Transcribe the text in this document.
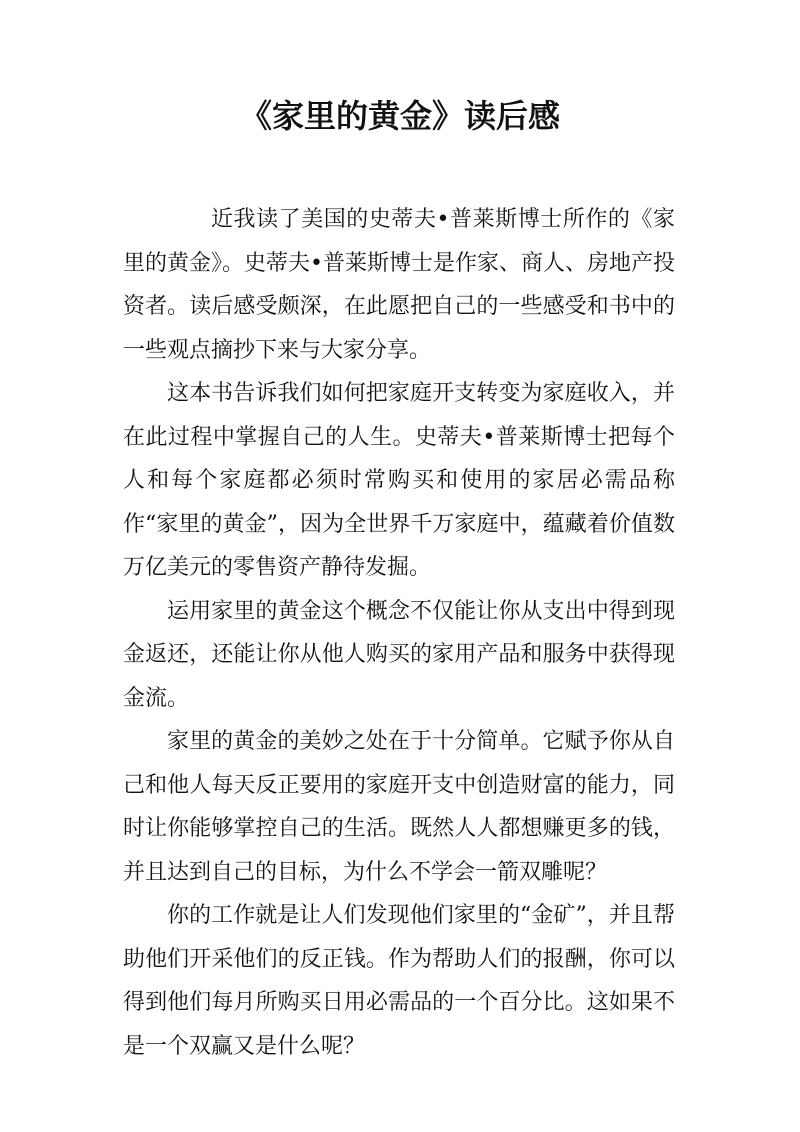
《家里的黄金》读后感

近我读了美国的史蒂夫•普莱斯博士所作的《家里的黄金》。史蒂夫•普莱斯博士是作家、商人、房地产投资者。读后感受颇深，在此愿把自己的一些感受和书中的一些观点摘抄下来与大家分享。

这本书告诉我们如何把家庭开支转变为家庭收入，并在此过程中掌握自己的人生。史蒂夫•普莱斯博士把每个人和每个家庭都必须时常购买和使用的家居必需品称作“家里的黄金”，因为全世界千万家庭中，蕴藏着价值数万亿美元的零售资产静待发掘。

运用家里的黄金这个概念不仅能让你从支出中得到现金返还，还能让你从他人购买的家用产品和服务中获得现金流。

家里的黄金的美妙之处在于十分简单。它赋予你从自己和他人每天反正要用的家庭开支中创造财富的能力，同时让你能够掌控自己的生活。既然人人都想赚更多的钱，并且达到自己的目标，为什么不学会一箭双雕呢？

你的工作就是让人们发现他们家里的“金矿”，并且帮助他们开采他们的反正钱。作为帮助人们的报酬，你可以得到他们每月所购买日用必需品的一个百分比。这如果不是一个双赢又是什么呢？
